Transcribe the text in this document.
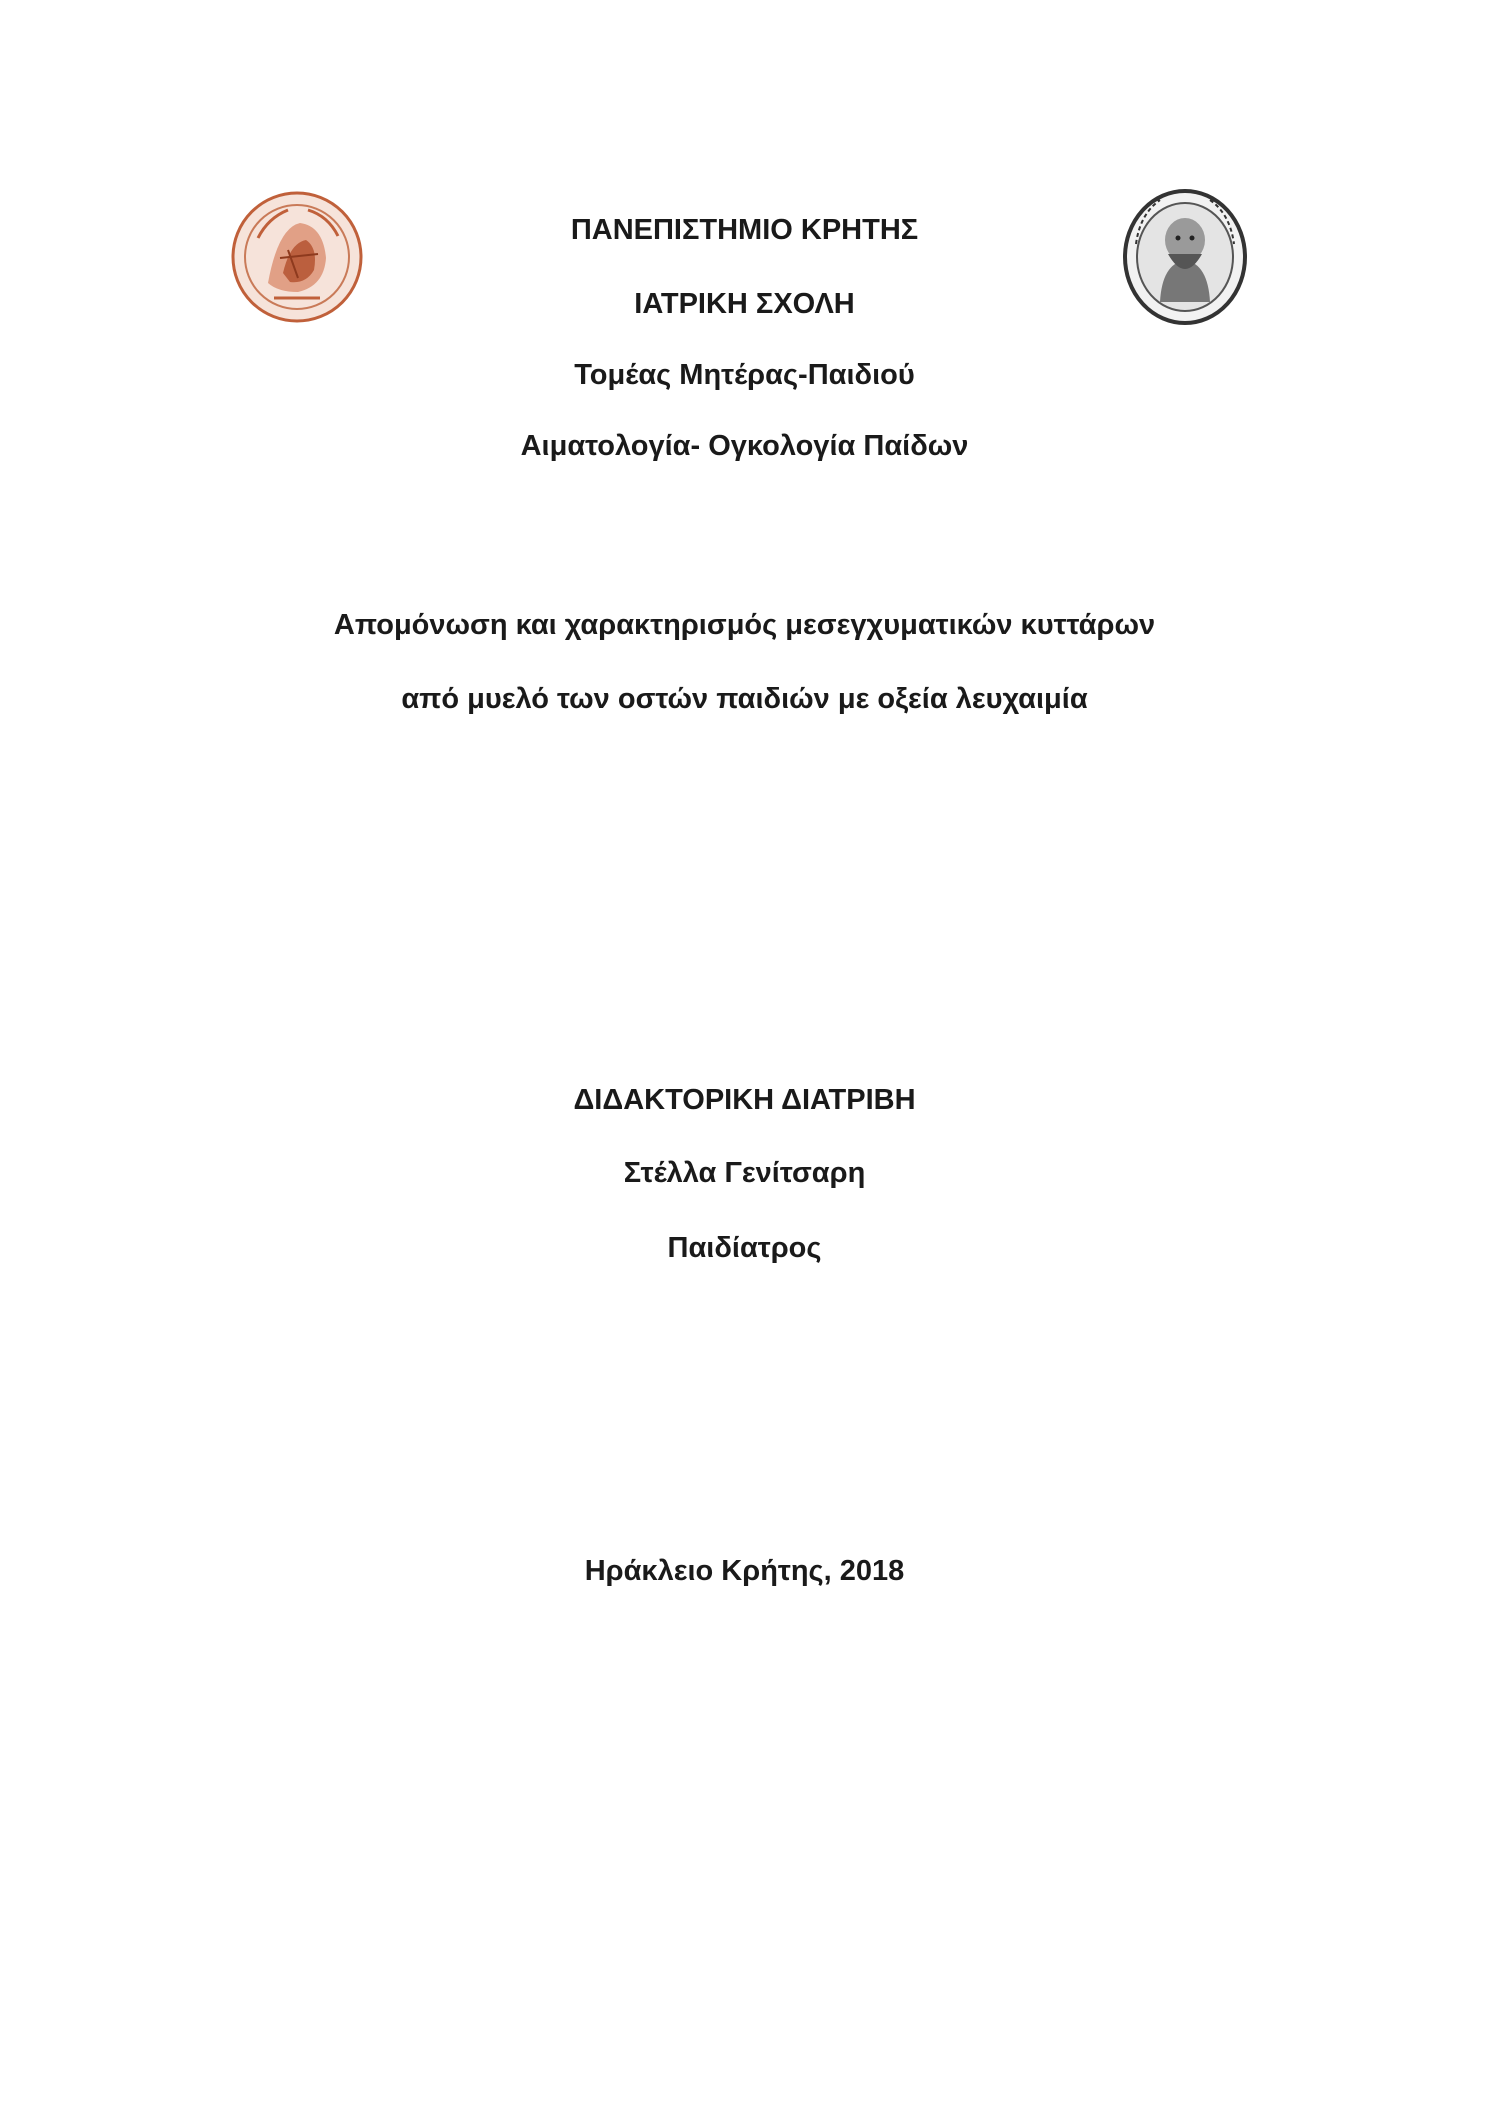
ΠΑΝΕΠΙΣΤΗΜΙΟ ΚΡΗΤΗΣ
ΙΑΤΡΙΚΗ ΣΧΟΛΗ
Τομέας Μητέρας-Παιδιού
Αιματολογία- Ογκολογία Παίδων
Απομόνωση και χαρακτηρισμός μεσεγχυματικών κυττάρων
από μυελό των οστών παιδιών με οξεία λευχαιμία
ΔΙΔΑΚΤΟΡΙΚΗ ΔΙΑΤΡΙΒΗ
Στέλλα Γενίτσαρη
Παιδίατρος
Ηράκλειο Κρήτης, 2018
